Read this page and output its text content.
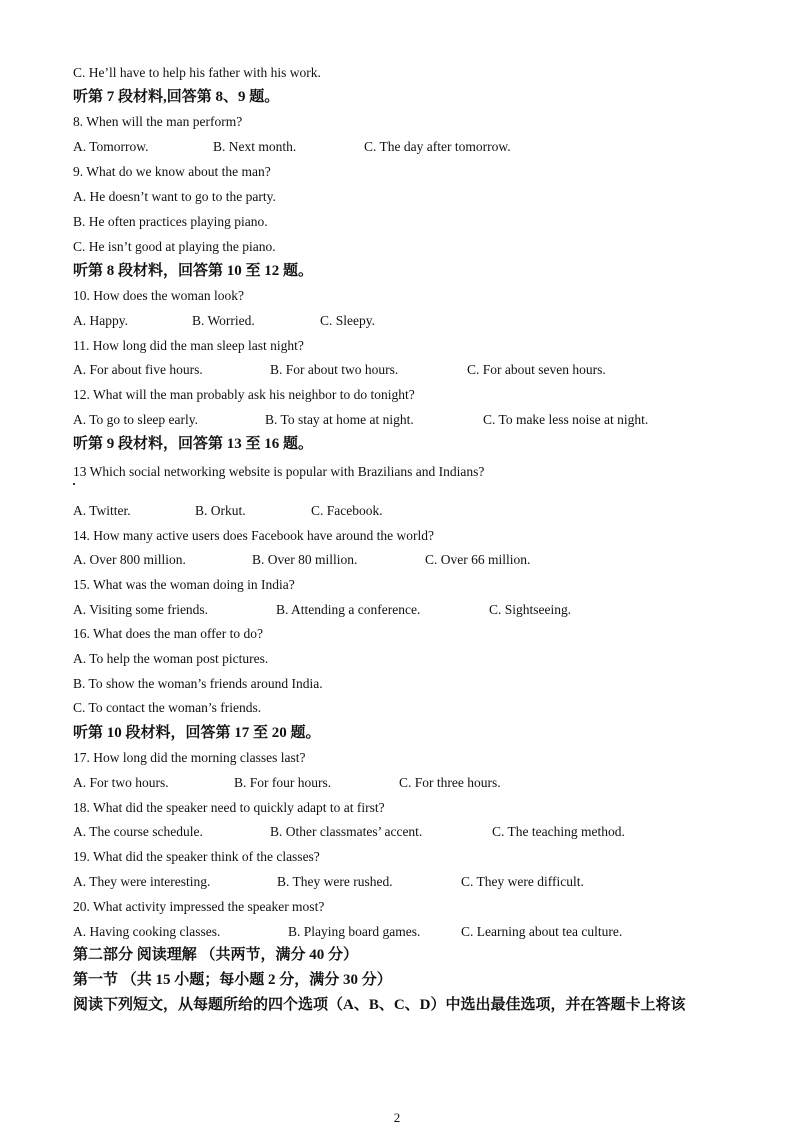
C. He’ll have to help his father with his work.
听第 7 段材料,回答第 8、9 题。
8. When will the man perform?
A. Tomorrow.	B. Next month.	C. The day after tomorrow.
9. What do we know about the man?
A. He doesn’t want to go to the party.
B. He often practices playing piano.
C. He isn’t good at playing the piano.
听第 8 段材料，回答第 10 至 12 题。
10. How does the woman look?
A. Happy.	B. Worried.	C. Sleepy.
11. How long did the man sleep last night?
A. For about five hours.	B. For about two hours.	C. For about seven hours.
12. What will the man probably ask his neighbor to do tonight?
A. To go to sleep early.	B. To stay at home at night.	C. To make less noise at night.
听第 9 段材料，回答第 13 至 16 题。
13 Which social networking website is popular with Brazilians and Indians?
A. Twitter.	B. Orkut.	C. Facebook.
14. How many active users does Facebook have around the world?
A. Over 800 million.	B. Over 80 million.	C. Over 66 million.
15. What was the woman doing in India?
A. Visiting some friends.	B. Attending a conference.	C. Sightseeing.
16. What does the man offer to do?
A. To help the woman post pictures.
B. To show the woman’s friends around India.
C. To contact the woman’s friends.
听第 10 段材料，回答第 17 至 20 题。
17. How long did the morning classes last?
A. For two hours.	B. For four hours.	C. For three hours.
18. What did the speaker need to quickly adapt to at first?
A. The course schedule.	B. Other classmates’ accent.	C. The teaching method.
19. What did the speaker think of the classes?
A. They were interesting.	B. They were rushed.	C. They were difficult.
20. What activity impressed the speaker most?
A. Having cooking classes.	B. Playing board games.	C. Learning about tea culture.
第二部分 阅读理解 （共两节，满分 40 分）
第一节 （共 15 小题；每小题 2 分，满分 30 分）
阅读下列短文，从每题所给的四个选项（A、B、C、D）中选出最佳选项，并在答题卡上将该
2
